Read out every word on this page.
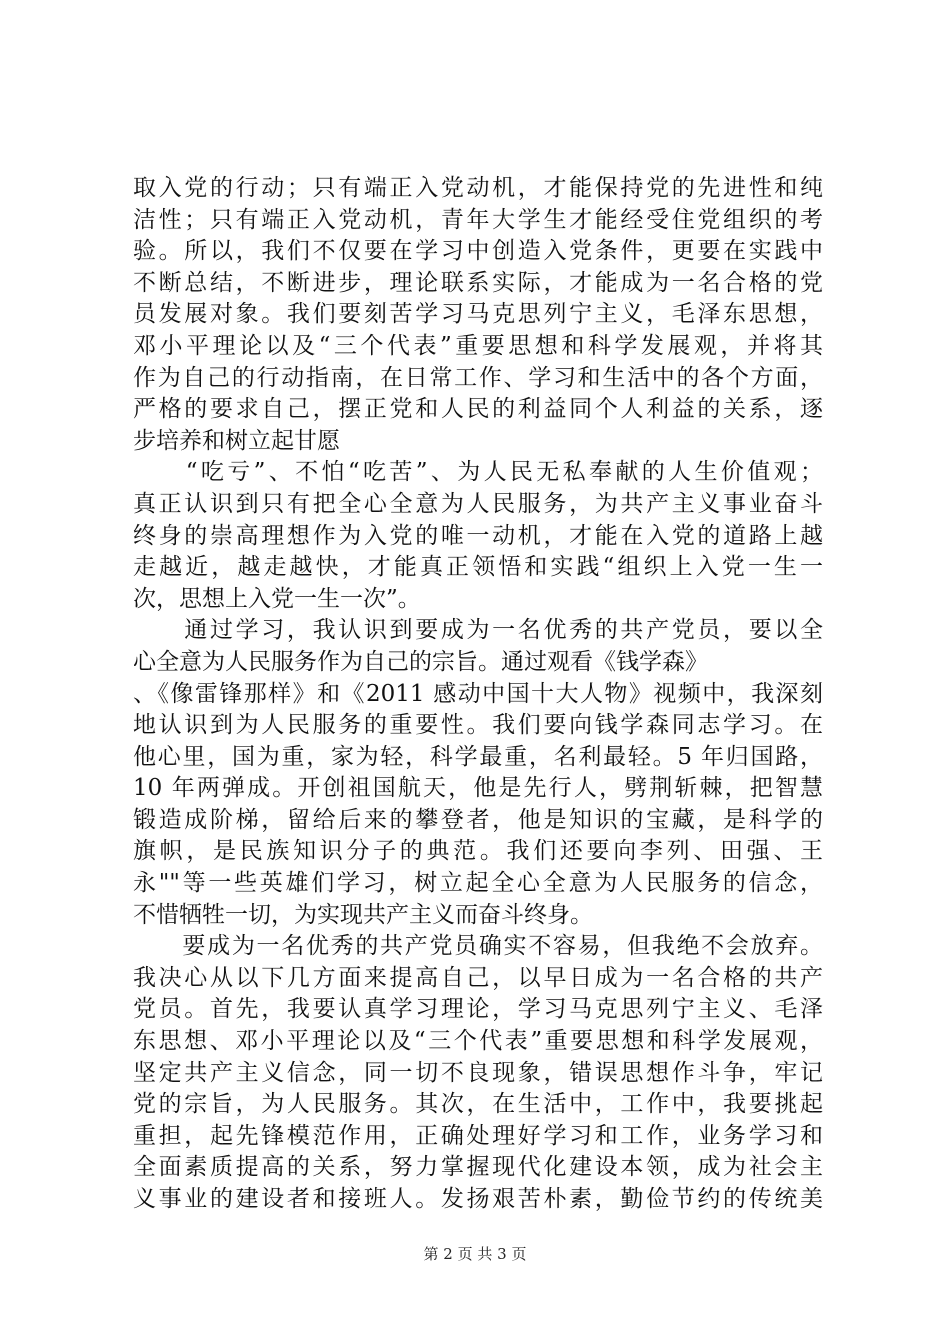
取入党的行动；只有端正入党动机，才能保持党的先进性和纯
洁性；只有端正入党动机，青年大学生才能经受住党组织的考
验。所以，我们不仅要在学习中创造入党条件，更要在实践中
不断总结，不断进步，理论联系实际，才能成为一名合格的党
员发展对象。我们要刻苦学习马克思列宁主义，毛泽东思想，
邓小平理论以及“三个代表”重要思想和科学发展观，并将其
作为自己的行动指南，在日常工作、学习和生活中的各个方面，
严格的要求自己，摆正党和人民的利益同个人利益的关系，逐
步培养和树立起甘愿
　　“吃亏”、不怕“吃苦”、为人民无私奉献的人生价值观；
真正认识到只有把全心全意为人民服务，为共产主义事业奋斗
终身的崇高理想作为入党的唯一动机，才能在入党的道路上越
走越近，越走越快，才能真正领悟和实践“组织上入党一生一
次，思想上入党一生一次”。
　　通过学习，我认识到要成为一名优秀的共产党员，要以全
心全意为人民服务作为自己的宗旨。通过观看《钱学森》
、《像雷锋那样》和《2011 感动中国十大人物》视频中，我深刻
地认识到为人民服务的重要性。我们要向钱学森同志学习。在
他心里，国为重，家为轻，科学最重，名利最轻。5 年归国路，
10 年两弹成。开创祖国航天，他是先行人，劈荆斩棘，把智慧
锻造成阶梯，留给后来的攀登者，他是知识的宝藏，是科学的
旗帜，是民族知识分子的典范。我们还要向李列、田强、王
永""等一些英雄们学习，树立起全心全意为人民服务的信念，
不惜牺牲一切，为实现共产主义而奋斗终身。
　　要成为一名优秀的共产党员确实不容易，但我绝不会放弃。
我决心从以下几方面来提高自己，以早日成为一名合格的共产
党员。首先，我要认真学习理论，学习马克思列宁主义、毛泽
东思想、邓小平理论以及“三个代表”重要思想和科学发展观，
坚定共产主义信念，同一切不良现象，错误思想作斗争，牢记
党的宗旨，为人民服务。其次，在生活中，工作中，我要挑起
重担，起先锋模范作用，正确处理好学习和工作，业务学习和
全面素质提高的关系，努力掌握现代化建设本领，成为社会主
义事业的建设者和接班人。发扬艰苦朴素，勤俭节约的传统美
第 2 页 共 3 页
